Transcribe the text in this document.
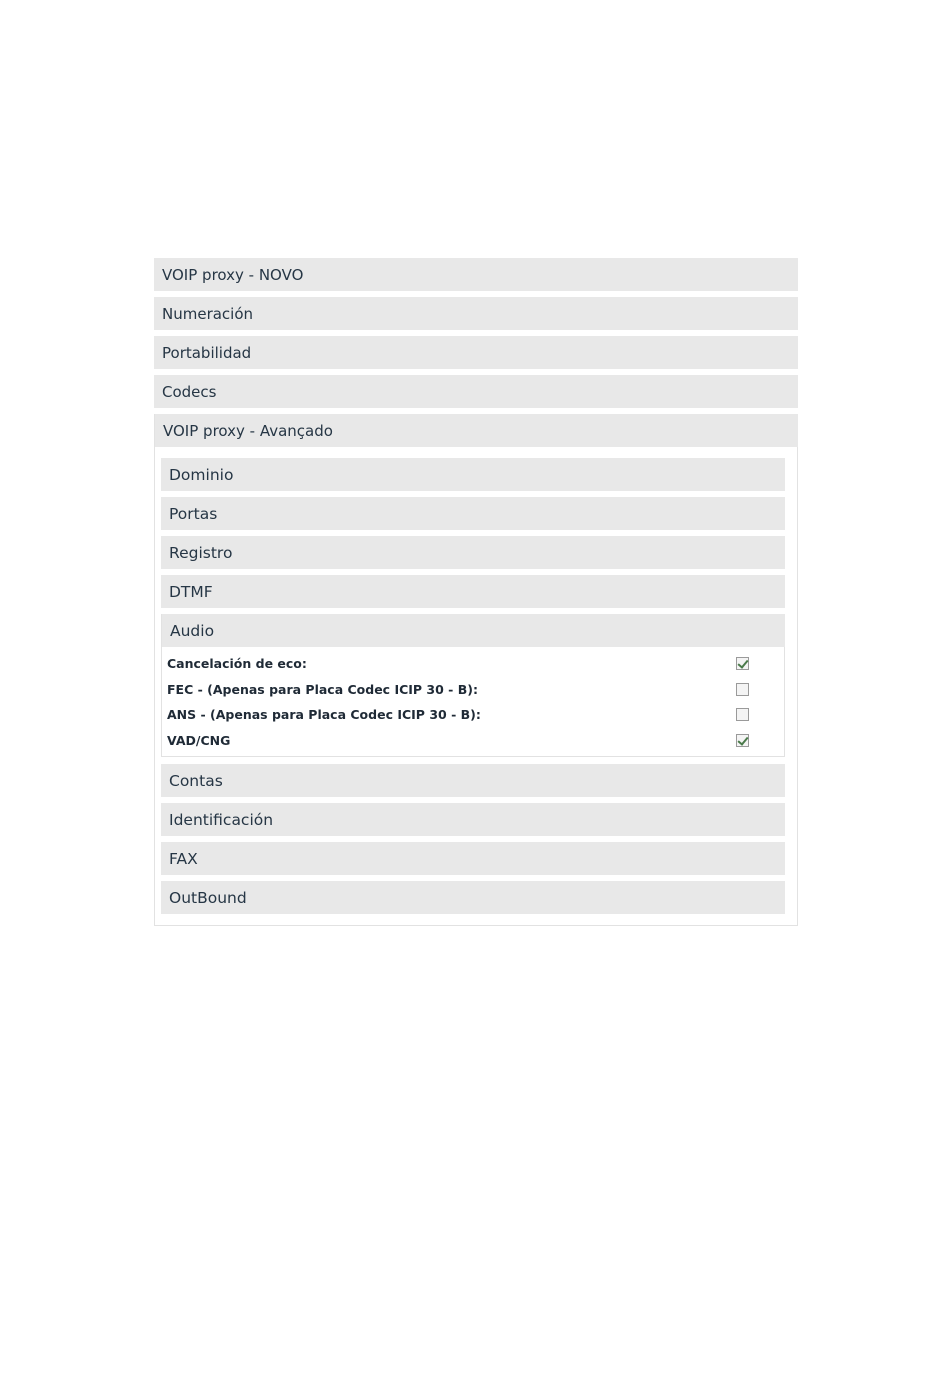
VOIP proxy - NOVO
Numeración
Portabilidad
Codecs
VOIP proxy - Avançado
Dominio
Portas
Registro
DTMF
Audio
Cancelación de eco:
FEC - (Apenas para Placa Codec ICIP 30 - B):
ANS - (Apenas para Placa Codec ICIP 30 - B):
VAD/CNG
Contas
Identificación
FAX
OutBound
